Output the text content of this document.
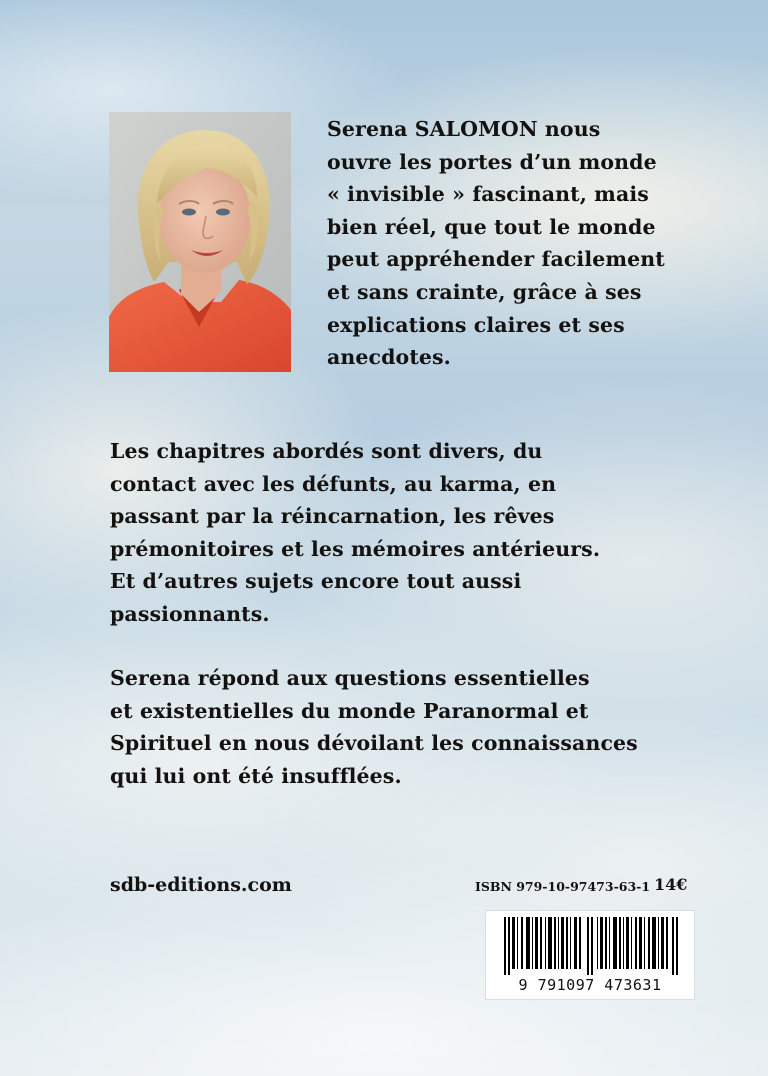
Serena SALOMON nous
ouvre les portes d’un monde
« invisible » fascinant, mais
bien réel, que tout le monde
peut appréhender facilement
et sans crainte, grâce à ses
explications claires et ses
anecdotes.

Les chapitres abordés sont divers, du
contact avec les défunts, au karma, en
passant par la réincarnation, les rêves
prémonitoires et les mémoires antérieurs.
Et d’autres sujets encore tout aussi
passionnants.

Serena répond aux questions essentielles
et existentielles du monde Paranormal et
Spirituel en nous dévoilant les connaissances
qui lui ont été insufflées.

sdb-editions.com	ISBN 979-10-97473-63-1 14€
9 791097 473631
